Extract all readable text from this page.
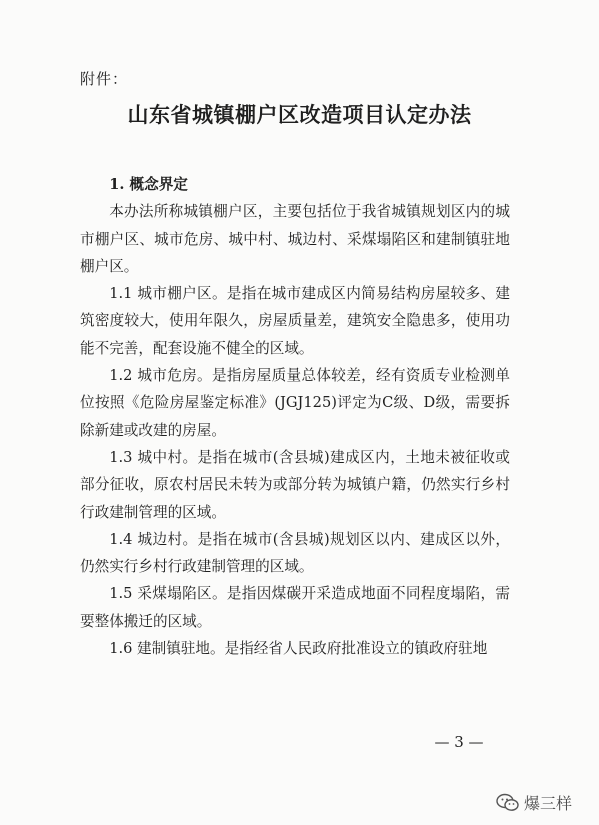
附件：
山东省城镇棚户区改造项目认定办法

1. 概念界定

本办法所称城镇棚户区，主要包括位于我省城镇规划区内的城市棚户区、城市危房、城中村、城边村、采煤塌陷区和建制镇驻地棚户区。

1.1 城市棚户区。是指在城市建成区内简易结构房屋较多、建筑密度较大，使用年限久，房屋质量差，建筑安全隐患多，使用功能不完善，配套设施不健全的区域。

1.2 城市危房。是指房屋质量总体较差，经有资质专业检测单位按照《危险房屋鉴定标准》(JGJ125)评定为C级、D级，需要拆除新建或改建的房屋。

1.3 城中村。是指在城市(含县城)建成区内，土地未被征收或部分征收，原农村居民未转为或部分转为城镇户籍，仍然实行乡村行政建制管理的区域。

1.4 城边村。是指在城市(含县城)规划区以内、建成区以外，仍然实行乡村行政建制管理的区域。

1.5 采煤塌陷区。是指因煤碳开采造成地面不同程度塌陷，需要整体搬迁的区域。

1.6 建制镇驻地。是指经省人民政府批准设立的镇政府驻地

— 3 —
爆三样
